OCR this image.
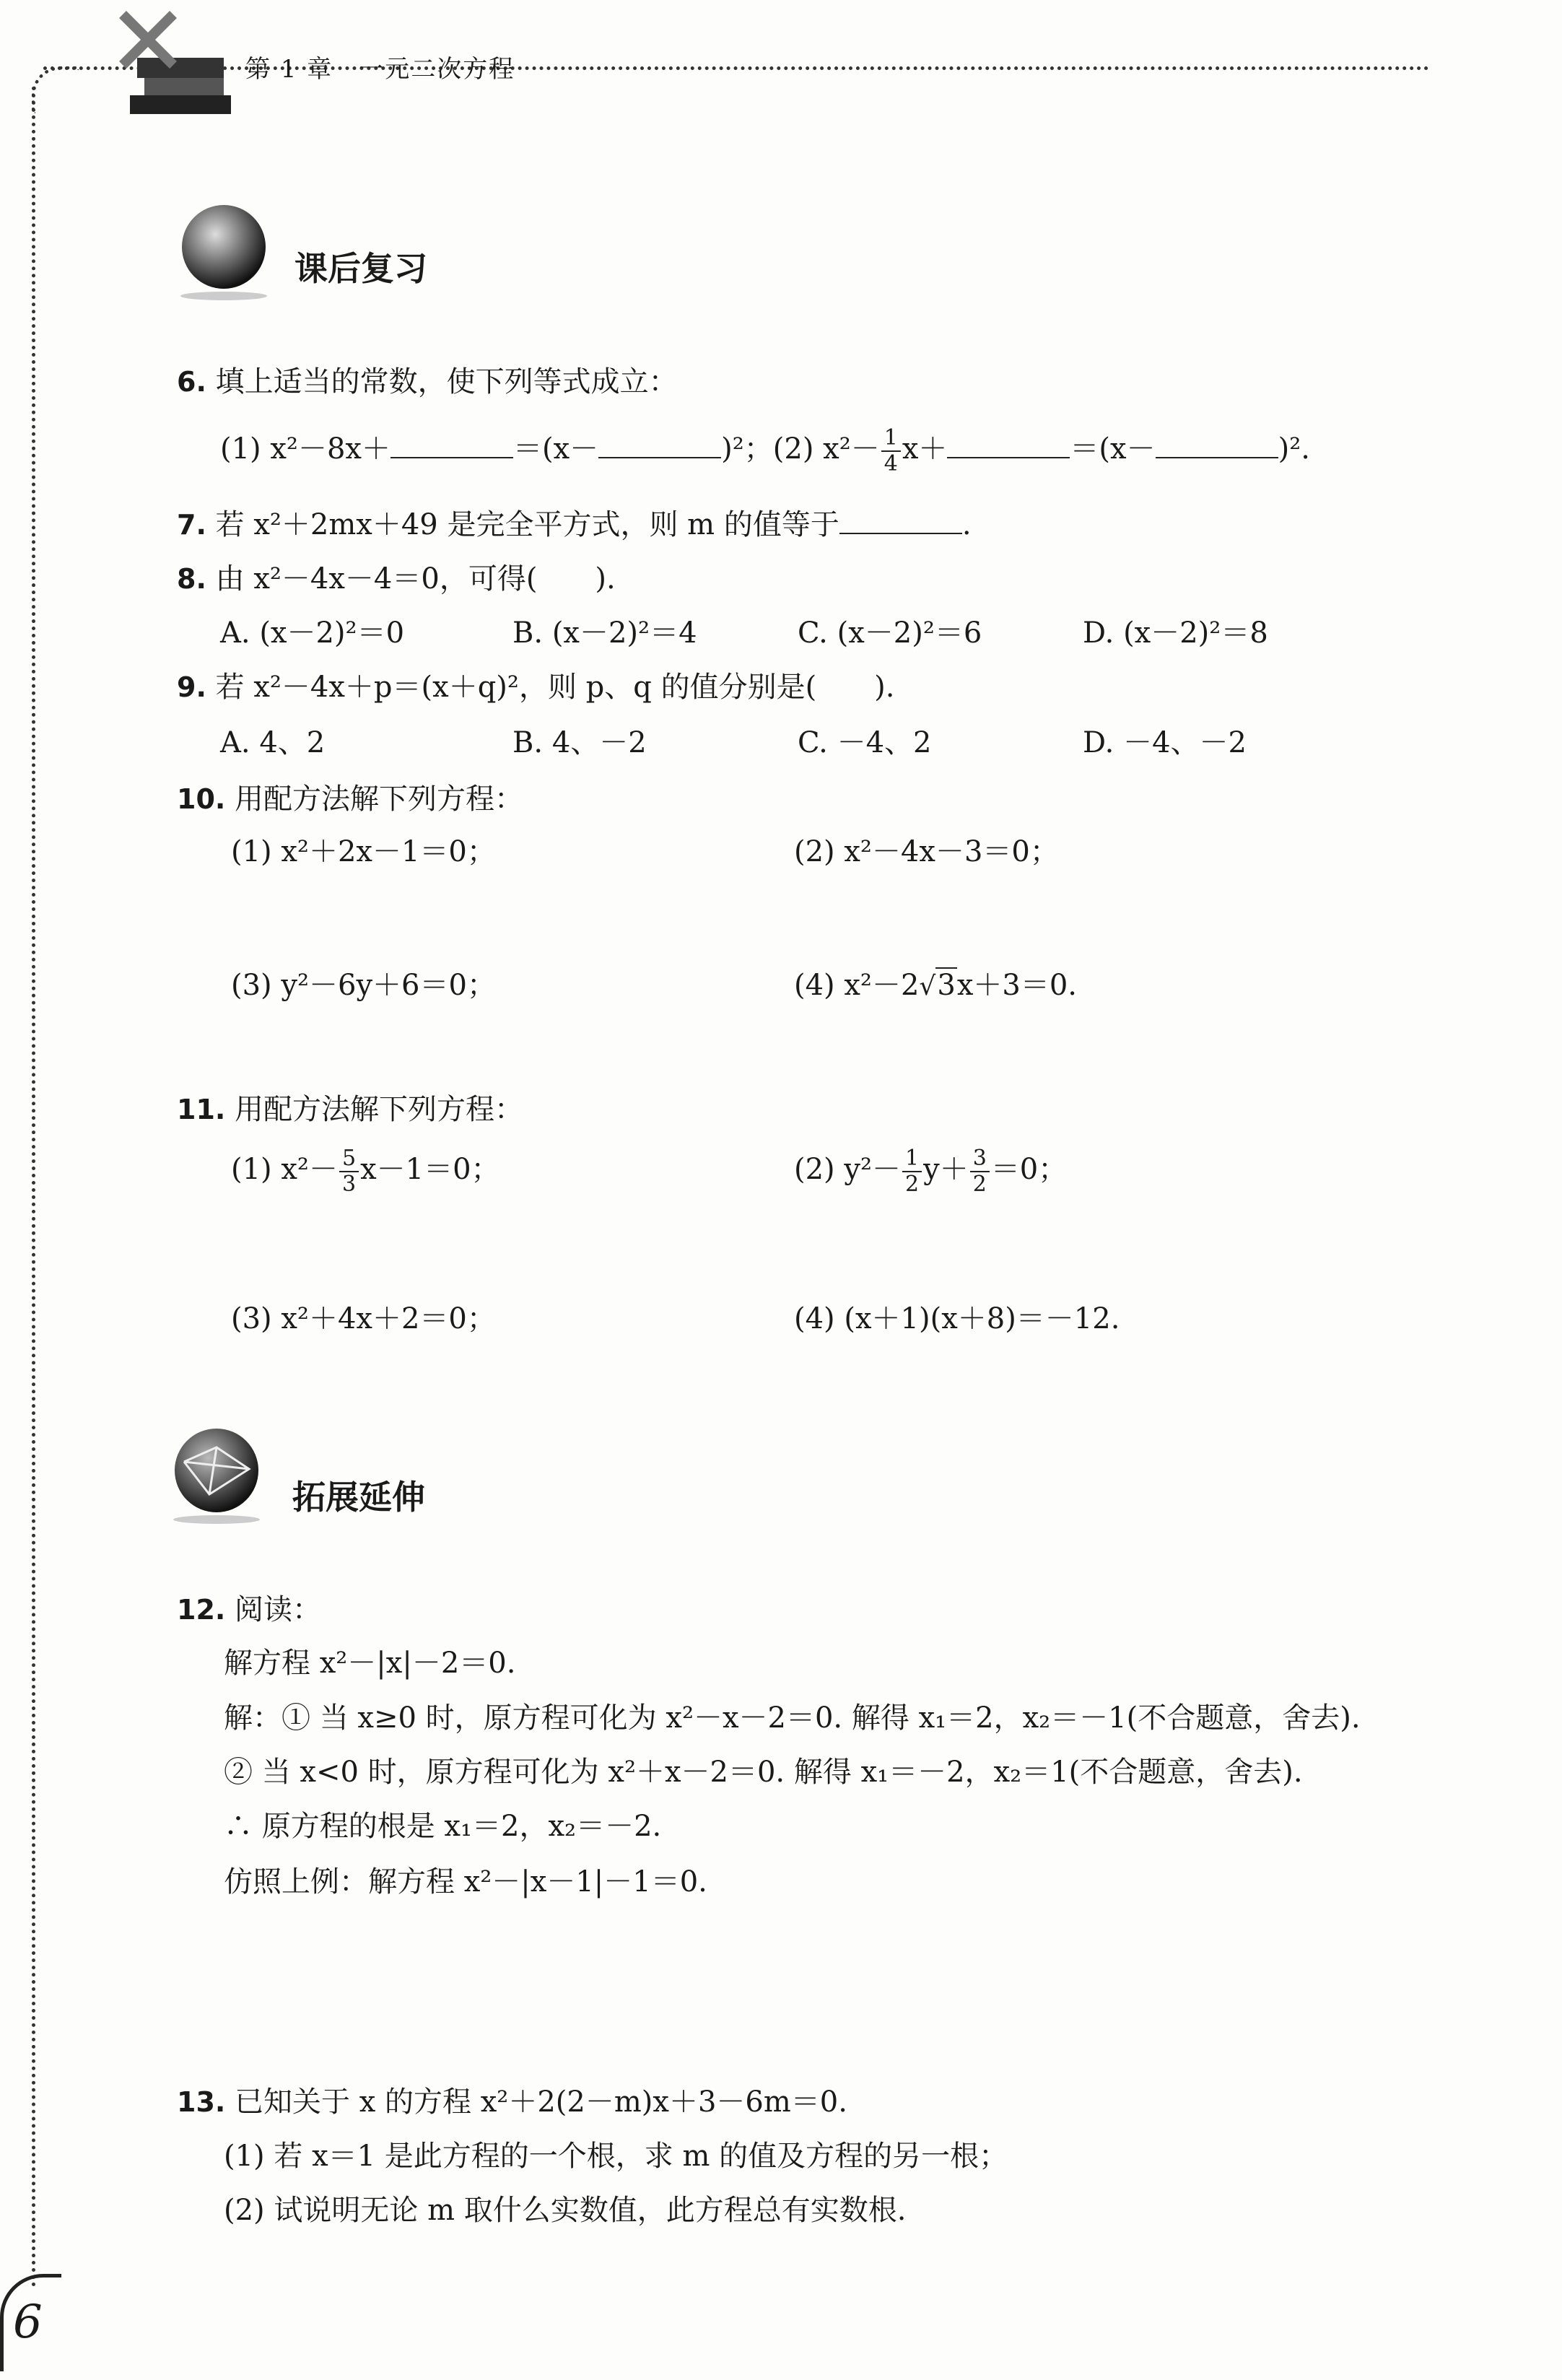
第 1 章　一元二次方程
课后复习
6. 填上适当的常数，使下列等式成立：
(1) x²－8x＋	＝(x－	)²；(2) $x^2- \frac{1}{4} x+$	＝(x－	)².
7. 若 x²＋2mx＋49 是完全平方式，则 m 的值等于	.
8. 由 x²－4x－4＝0，可得(　　).
A. (x－2)²＝0	B. (x－2)²＝4	C. (x－2)²＝6	D. (x－2)²＝8
9. 若 x²－4x＋p＝(x＋q)²，则 p、q 的值分别是(　　).
A. 4、2	B. 4、－2	C. －4、2	D. －4、－2
10. 用配方法解下列方程：
(1) x²＋2x－1＝0；	(2) x²－4x－3＝0；
(3) y²－6y＋6＝0；	(4) x²－2√3x＋3＝0.
11. 用配方法解下列方程：
(1) $x^2- \frac{5}{3} x-1=0$；	(2) $y^2- \frac{1}{2} y+ \frac{3}{2} =0$；
(3) x²＋4x＋2＝0；	(4) (x＋1)(x＋8)＝－12.
拓展延伸
12. 阅读：
解方程 x²－|x|－2＝0.
解：① 当 x≥0 时，原方程可化为 x²－x－2＝0. 解得 x₁＝2，x₂＝－1(不合题意，舍去).
② 当 x<0 时，原方程可化为 x²＋x－2＝0. 解得 x₁＝－2，x₂＝1(不合题意，舍去).
∴ 原方程的根是 x₁＝2，x₂＝－2.
仿照上例：解方程 x²－|x－1|－1＝0.
13. 已知关于 x 的方程 x²＋2(2－m)x＋3－6m＝0.
(1) 若 x＝1 是此方程的一个根，求 m 的值及方程的另一根；
(2) 试说明无论 m 取什么实数值，此方程总有实数根.
6
